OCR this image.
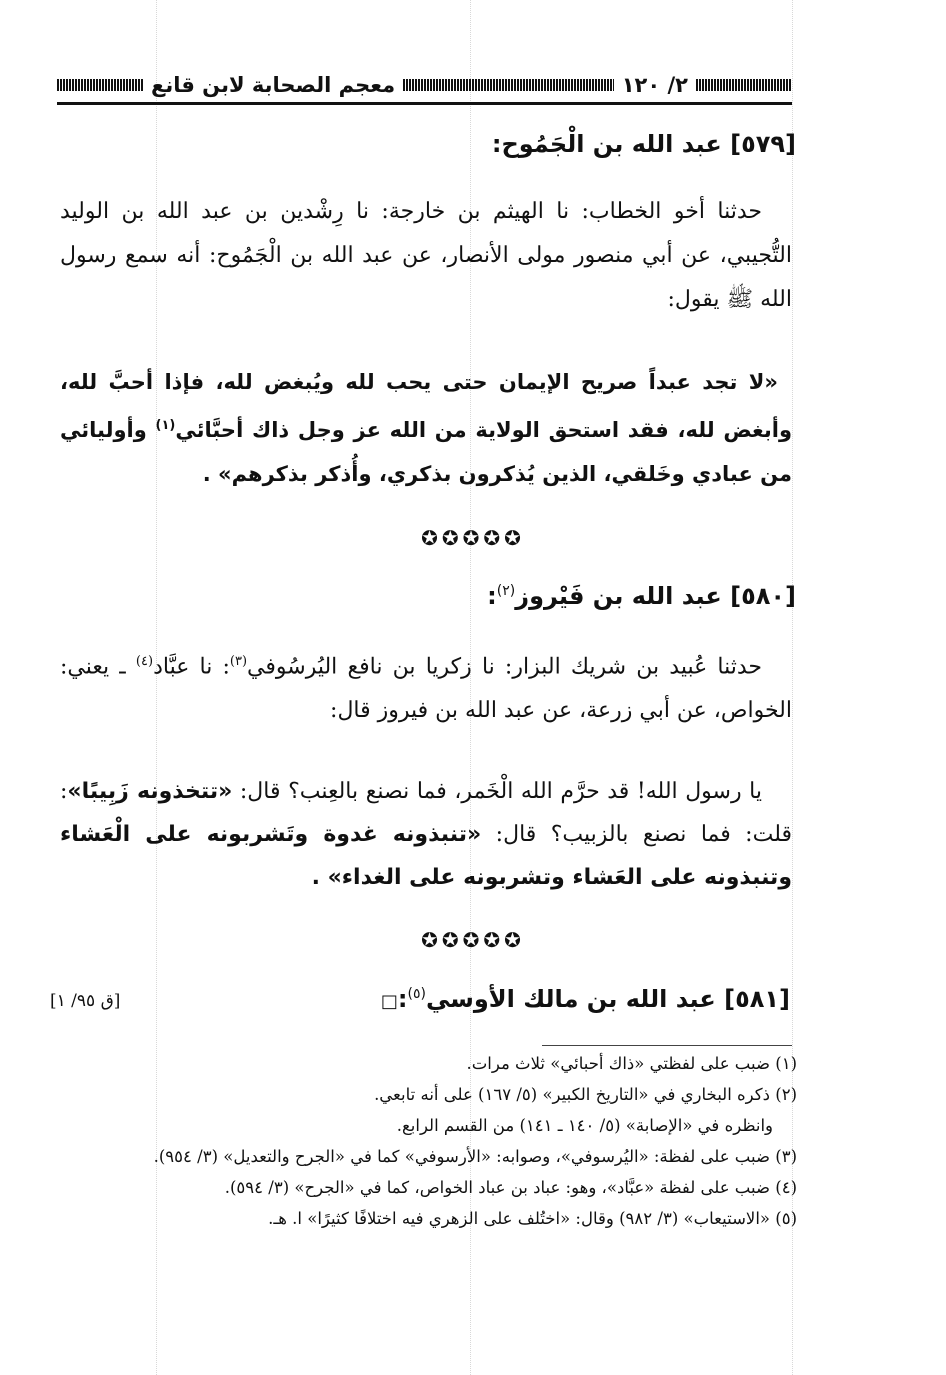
٢/ ١٢٠
معجم الصحابة لابن قانع
[٥٧٩] عبد الله بن الْجَمُوح:
حدثنا أخو الخطاب: نا الهيثم بن خارجة: نا رِشْدين بن عبد الله بن الوليد التُّجيبي، عن أبي منصور مولى الأنصار، عن عبد الله بن الْجَمُوح: أنه سمع رسول الله ﷺ يقول:
«لا تجد عبداً صريح الإيمان حتى يحب لله ويُبغض لله، فإذا أحبَّ لله، وأبغض لله، فقد استحق الولاية من الله عز وجل ذاك أحبَّائي$^{(١)}$ وأوليائي من عبادي وخَلقي، الذين يُذكرون بذكري، وأُذكر بذكرهم» .
✪✪✪✪✪
[٥٨٠] عبد الله بن فَيْروز$^{(٢)}$:
حدثنا عُبيد بن شريك البزار: نا زكريا بن نافع اليُرسُوفي$^{(٣)}$: نا عبَّاد$^{(٤)}$ ـ يعني: الخواص، عن أبي زرعة، عن عبد الله بن فيروز قال:
يا رسول الله! قد حرَّم الله الْخَمر، فما نصنع بالعِنب؟ قال: «تتخذونه زَبِيبًا»: قلت: فما نصنع بالزبيب؟ قال: «تنبذونه غدوة وتَشربونه على الْعَشاء وتنبذونه على العَشاء وتشربونه على الغداء» .
✪✪✪✪✪
[٥٨١] عبد الله بن مالك الأوسي$^{(٥)}$:□
[ق ٩٥/ ١]
(١) ضبب على لفظتي «ذاك أحبائي» ثلاث مرات.
(٢) ذكره البخاري في «التاريخ الكبير» (٥/ ١٦٧) على أنه تابعي.
وانظره في «الإصابة» (٥/ ١٤٠ ـ ١٤١) من القسم الرابع.
(٣) ضبب على لفظة: «اليُرسوفي»، وصوابه: «الأرسوفي» كما في «الجرح والتعديل» (٣/ ٩٥٤).
(٤) ضبب على لفظة «عبَّاد»، وهو: عباد بن عباد الخواص، كما في «الجرح» (٣/ ٥٩٤).
(٥) «الاستيعاب» (٣/ ٩٨٢) وقال: «اختُلف على الزهري فيه اختلافًا كثيرًا» ا. هـ.
